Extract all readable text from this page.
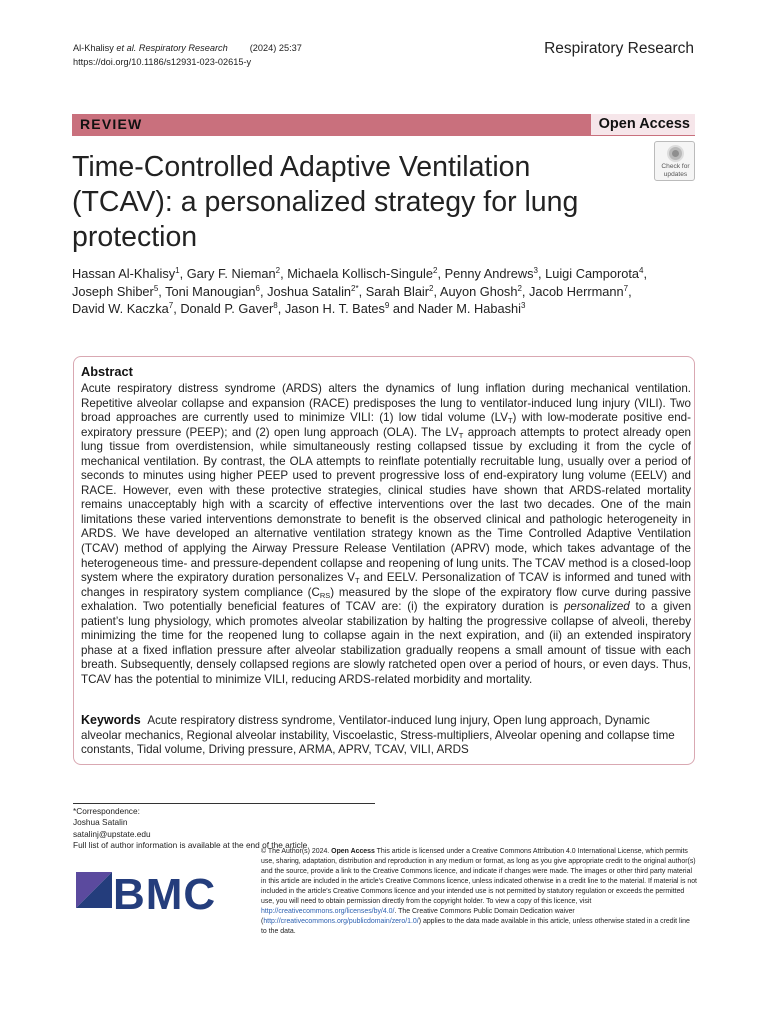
Al-Khalisy et al. Respiratory Research (2024) 25:37
https://doi.org/10.1186/s12931-023-02615-y
Respiratory Research
REVIEW	Open Access
Time-Controlled Adaptive Ventilation (TCAV): a personalized strategy for lung protection
Check for
updates
Hassan Al-Khalisy$^1$, Gary F. Nieman$^2$, Michaela Kollisch-Singule$^2$, Penny Andrews$^3$, Luigi Camporota$^4$, Joseph Shiber$^5$, Toni Manougian$^6$, Joshua Satalin$^{2*}$, Sarah Blair$^2$, Auyon Ghosh$^2$, Jacob Herrmann$^7$, David W. Kaczka$^7$, Donald P. Gaver$^8$, Jason H. T. Bates$^9$ and Nader M. Habashi$^3$
Abstract
Acute respiratory distress syndrome (ARDS) alters the dynamics of lung inflation during mechanical ventilation. Repetitive alveolar collapse and expansion (RACE) predisposes the lung to ventilator-induced lung injury (VILI). Two broad approaches are currently used to minimize VILI: (1) low tidal volume $(LV_T)$ with low-moderate positive end-expiratory pressure (PEEP); and (2) open lung approach (OLA). The $LV_T$ approach attempts to protect already open lung tissue from overdistension, while simultaneously resting collapsed tissue by excluding it from the cycle of mechanical ventilation. By contrast, the OLA attempts to reinflate potentially recruitable lung, usually over a period of seconds to minutes using higher PEEP used to prevent progressive loss of end-expiratory lung volume (EELV) and RACE. However, even with these protective strategies, clinical studies have shown that ARDS-related mortality remains unacceptably high with a scarcity of effective interventions over the last two decades. One of the main limitations these varied interventions demonstrate to benefit is the observed clinical and pathologic heterogeneity in ARDS. We have developed an alternative ventilation strategy known as the Time Controlled Adaptive Ventilation (TCAV) method of applying the Airway Pressure Release Ventilation (APRV) mode, which takes advantage of the heterogeneous time- and pressure-dependent collapse and reopening of lung units. The TCAV method is a closed-loop system where the expiratory duration personalizes $V_T$ and EELV. Personalization of TCAV is informed and tuned with changes in respiratory system compliance $(C_{RS})$ measured by the slope of the expiratory flow curve during passive exhalation. Two potentially beneficial features of TCAV are: (i) the expiratory duration is personalized to a given patient’s lung physiology, which promotes alveolar stabilization by halting the progressive collapse of alveoli, thereby minimizing the time for the reopened lung to collapse again in the next expiration, and (ii) an extended inspiratory phase at a fixed inflation pressure after alveolar stabilization gradually reopens a small amount of tissue with each breath. Subsequently, densely collapsed regions are slowly ratcheted open over a period of hours, or even days. Thus, TCAV has the potential to minimize VILI, reducing ARDS-related morbidity and mortality.
Keywords Acute respiratory distress syndrome, Ventilator-induced lung injury, Open lung approach, Dynamic alveolar mechanics, Regional alveolar instability, Viscoelastic, Stress-multipliers, Alveolar opening and collapse time constants, Tidal volume, Driving pressure, ARMA, APRV, TCAV, VILI, ARDS
*Correspondence:
Joshua Satalin
satalinj@upstate.edu
Full list of author information is available at the end of the article
BMC
© The Author(s) 2024. Open Access This article is licensed under a Creative Commons Attribution 4.0 International License, which permits use, sharing, adaptation, distribution and reproduction in any medium or format, as long as you give appropriate credit to the original author(s) and the source, provide a link to the Creative Commons licence, and indicate if changes were made. The images or other third party material in this article are included in the article’s Creative Commons licence, unless indicated otherwise in a credit line to the material. If material is not included in the article’s Creative Commons licence and your intended use is not permitted by statutory regulation or exceeds the permitted use, you will need to obtain permission directly from the copyright holder. To view a copy of this licence, visit http://creativecommons.org/licenses/by/4.0/. The Creative Commons Public Domain Dedication waiver (http://creativecommons.org/publicdomain/zero/1.0/) applies to the data made available in this article, unless otherwise stated in a credit line to the data.
